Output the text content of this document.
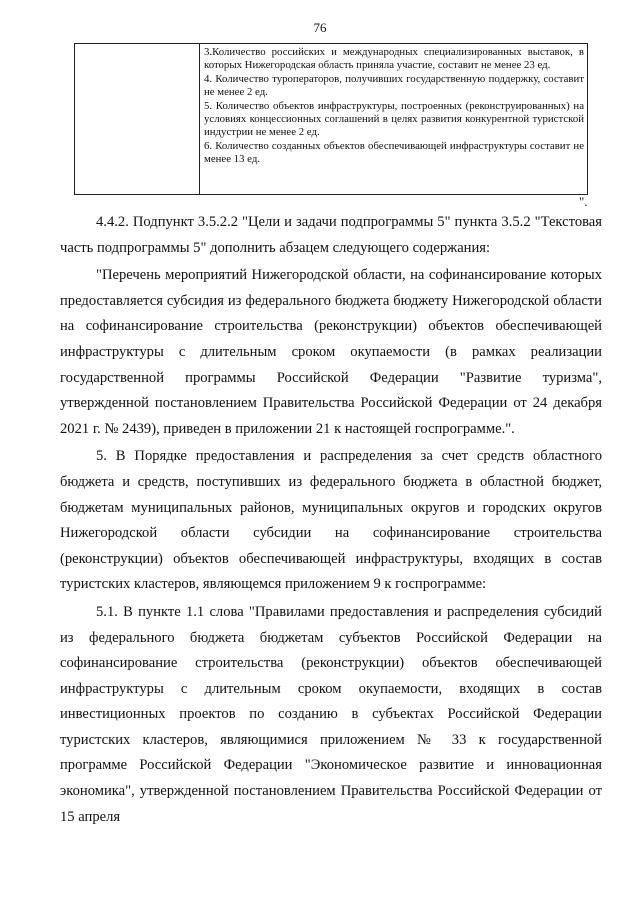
76

3.Количество российских и международных специализированных выставок, в которых Нижегородская область приняла участие, составит не менее 23 ед.

4. Количество туроператоров, получивших государственную поддержку, составит не менее 2 ед.

5. Количество объектов инфраструктуры, построенных (реконструированных) на условиях концессионных соглашений в целях развития конкурентной туристской индустрии не менее 2 ед.

6. Количество созданных объектов обеспечивающей инфраструктуры составит не менее 13 ед.

".

4.4.2. Подпункт 3.5.2.2 "Цели и задачи подпрограммы 5" пункта 3.5.2 "Текстовая часть подпрограммы 5" дополнить абзацем следующего содержания:

"Перечень мероприятий Нижегородской области, на софинансирование которых предоставляется субсидия из федерального бюджета бюджету Нижегородской области на софинансирование строительства (реконструкции) объектов обеспечивающей инфраструктуры с длительным сроком окупаемости (в рамках реализации государственной программы Российской Федерации "Развитие туризма", утвержденной постановлением Правительства Российской Федерации от 24 декабря 2021 г. № 2439), приведен в приложении 21 к настоящей госпрограмме.".

5. В Порядке предоставления и распределения за счет средств областного бюджета и средств, поступивших из федерального бюджета в областной бюджет, бюджетам муниципальных районов, муниципальных округов и городских округов Нижегородской области субсидии на софинансирование строительства (реконструкции) объектов обеспечивающей инфраструктуры, входящих в состав туристских кластеров, являющемся приложением 9 к госпрограмме:

5.1. В пункте 1.1 слова "Правилами предоставления и распределения субсидий из федерального бюджета бюджетам субъектов Российской Федерации на софинансирование строительства (реконструкции) объектов обеспечивающей инфраструктуры с длительным сроком окупаемости, входящих в состав инвестиционных проектов по созданию в субъектах Российской Федерации туристских кластеров, являющимися приложением № 33 к государственной программе Российской Федерации "Экономическое развитие и инновационная экономика", утвержденной постановлением Правительства Российской Федерации от 15 апреля
